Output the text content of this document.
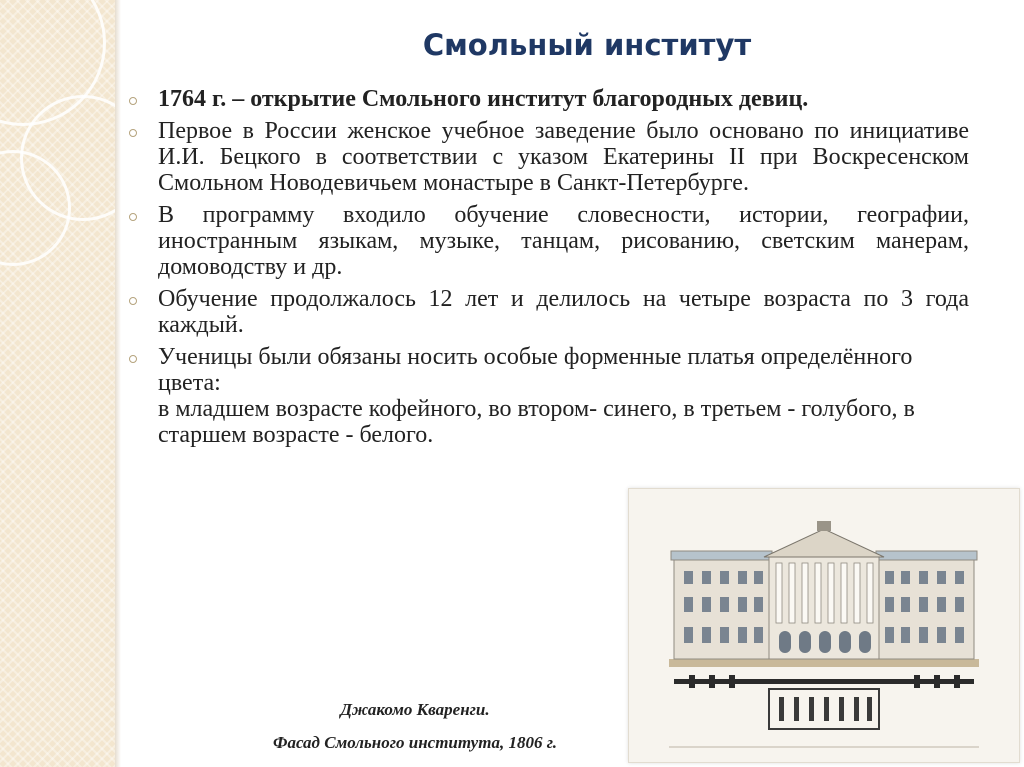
Смольный институт
1764 г. – открытие Смольного институт благородных девиц.
Первое в России женское учебное заведение было основано по инициативе И.И. Бецкого в соответствии с указом Екатерины II при Воскресенском Смольном Новодевичьем монастыре в Санкт-Петербурге.
В программу входило обучение словесности, истории, географии, иностранным языкам, музыке, танцам, рисованию, светским манерам, домоводству и др.
Обучение продолжалось 12 лет и делилось на четыре возраста по 3 года каждый.
Ученицы были обязаны носить особые форменные платья определённого цвета:
в младшем возрасте кофейного, во втором- синего, в третьем - голубого, в старшем возрасте - белого.
Джакомо Кваренги.
Фасад Смольного института, 1806 г.
